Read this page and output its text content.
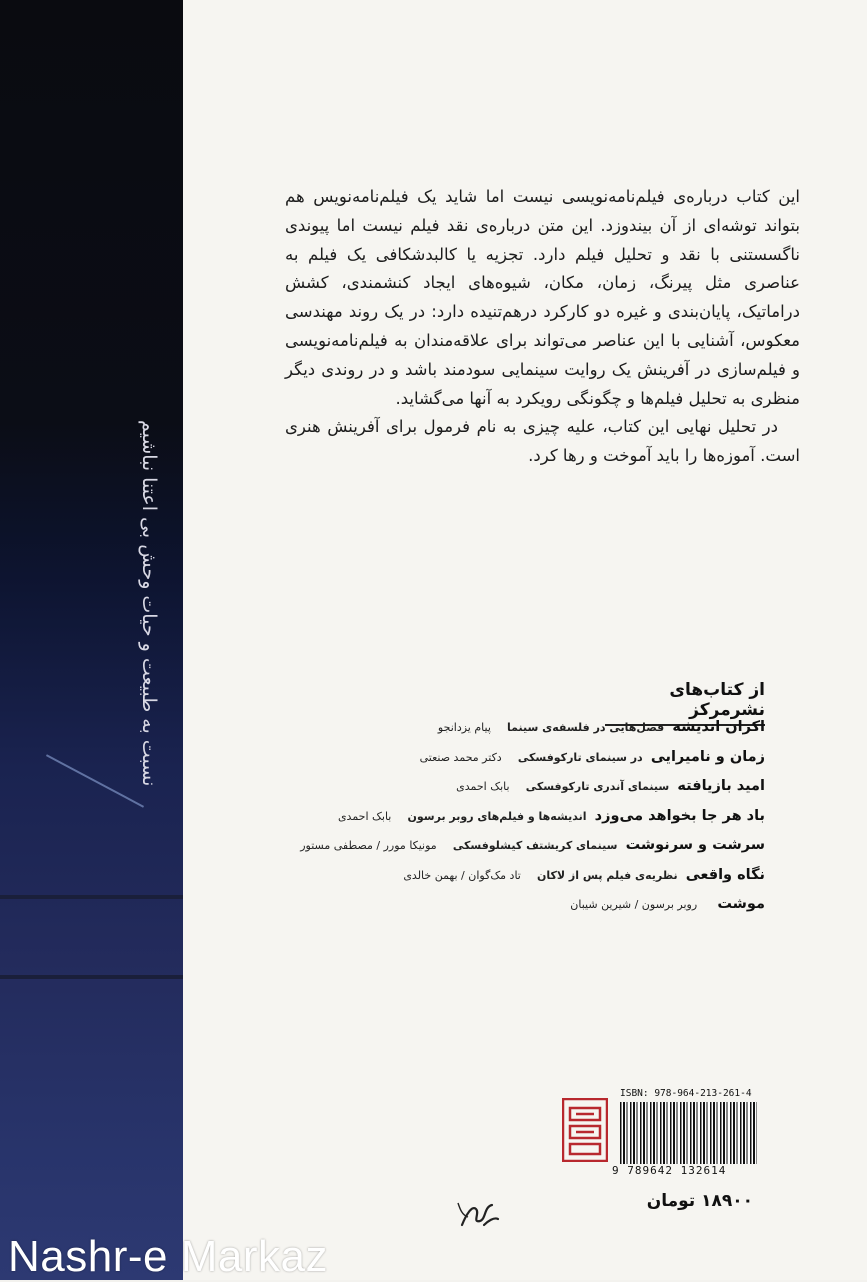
نسبت به طبیعت و حیات وحش بی اعتنا نباشیم

این کتاب درباره‌ی فیلم‌نامه‌نویسی نیست اما شاید یک فیلم‌نامه‌نویس هم بتواند توشه‌ای از آن بیندوزد. این متن درباره‌ی نقد فیلم نیست اما پیوندی ناگسستنی با نقد و تحلیل فیلم دارد. تجزیه یا کالبدشکافی یک فیلم به عناصری مثل پیرنگ، زمان، مکان، شیوه‌های ایجاد کنشمندی، کشش دراماتیک، پایان‌بندی و غیره دو کارکرد درهم‌تنیده دارد: در یک روند مهندسی معکوس، آشنایی با این عناصر می‌تواند برای علاقه‌مندان به فیلم‌نامه‌نویسی و فیلم‌سازی در آفرینش یک روایت سینمایی سودمند باشد و در روندی دیگر منظری به تحلیل فیلم‌ها و چگونگی رویکرد به آنها می‌گشاید.

در تحلیل نهایی این کتاب، علیه چیزی به نام فرمول برای آفرینش هنری است. آموزه‌ها را باید آموخت و رها کرد.

از کتاب‌های نشرمرکز
اکران اندیشه فصل‌هایی در فلسفه‌ی سینما پیام یزدانجو
زمان و نامیرایی در سینمای تارکوفسکی دکتر محمد صنعتی
امید بازیافته سینمای آندری تارکوفسکی بابک احمدی
باد هر جا بخواهد می‌وزد اندیشه‌ها و فیلم‌های روبر برسون بابک احمدی
سرشت و سرنوشت سینمای کریشتف کیشلوفسکی مونیکا مورر / مصطفی مستور
نگاه واقعی نظریه‌ی فیلم پس از لاکان تاد مک‌گوان / بهمن خالدی
موشت روبر برسون / شیرین شیبان
ISBN: 978-964-213-261-4
9 789642 132614
۱۸۹۰۰ تومان
Nashr-e Markaz
